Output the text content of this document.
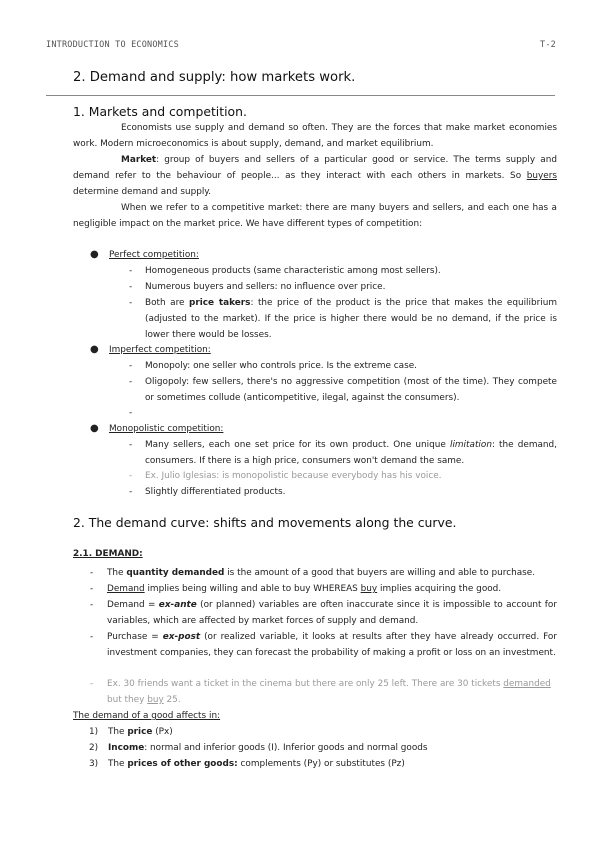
INTRODUCTION TO ECONOMICS	T-2
2. Demand and supply: how markets work.
1. Markets and competition.
Economists use supply and demand so often. They are the forces that make market economies work. Modern microeconomics is about supply, demand, and market equilibrium.
Market: group of buyers and sellers of a particular good or service. The terms supply and demand refer to the behaviour of people... as they interact with each others in markets. So buyers determine demand and supply.
When we refer to a competitive market: there are many buyers and sellers, and each one has a negligible impact on the market price. We have different types of competition:
● Perfect competition:
- Homogeneous products (same characteristic among most sellers).
- Numerous buyers and sellers: no influence over price.
- Both are price takers: the price of the product is the price that makes the equilibrium (adjusted to the market). If the price is higher there would be no demand, if the price is lower there would be losses.
● Imperfect competition:
- Monopoly: one seller who controls price. Is the extreme case.
- Oligopoly: few sellers, there's no aggressive competition (most of the time). They compete or sometimes collude (anticompetitive, ilegal, against the consumers).
-
● Monopolistic competition:
- Many sellers, each one set price for its own product. One unique limitation: the demand, consumers. If there is a high price, consumers won't demand the same.
- Ex. Julio Iglesias: is monopolistic because everybody has his voice.
- Slightly differentiated products.
2. The demand curve: shifts and movements along the curve.
2.1. DEMAND:
- The quantity demanded is the amount of a good that buyers are willing and able to purchase.
- Demand implies being willing and able to buy WHEREAS buy implies acquiring the good.
- Demand = ex-ante (or planned) variables are often inaccurate since it is impossible to account for variables, which are affected by market forces of supply and demand.
- Purchase = ex-post (or realized variable, it looks at results after they have already occurred. For investment companies, they can forecast the probability of making a profit or loss on an investment.
- Ex. 30 friends want a ticket in the cinema but there are only 25 left. There are 30 tickets demanded but they buy 25.
The demand of a good affects in:
1) The price (Px)
2) Income: normal and inferior goods (I). Inferior goods and normal goods
3) The prices of other goods: complements (Py) or substitutes (Pz)
